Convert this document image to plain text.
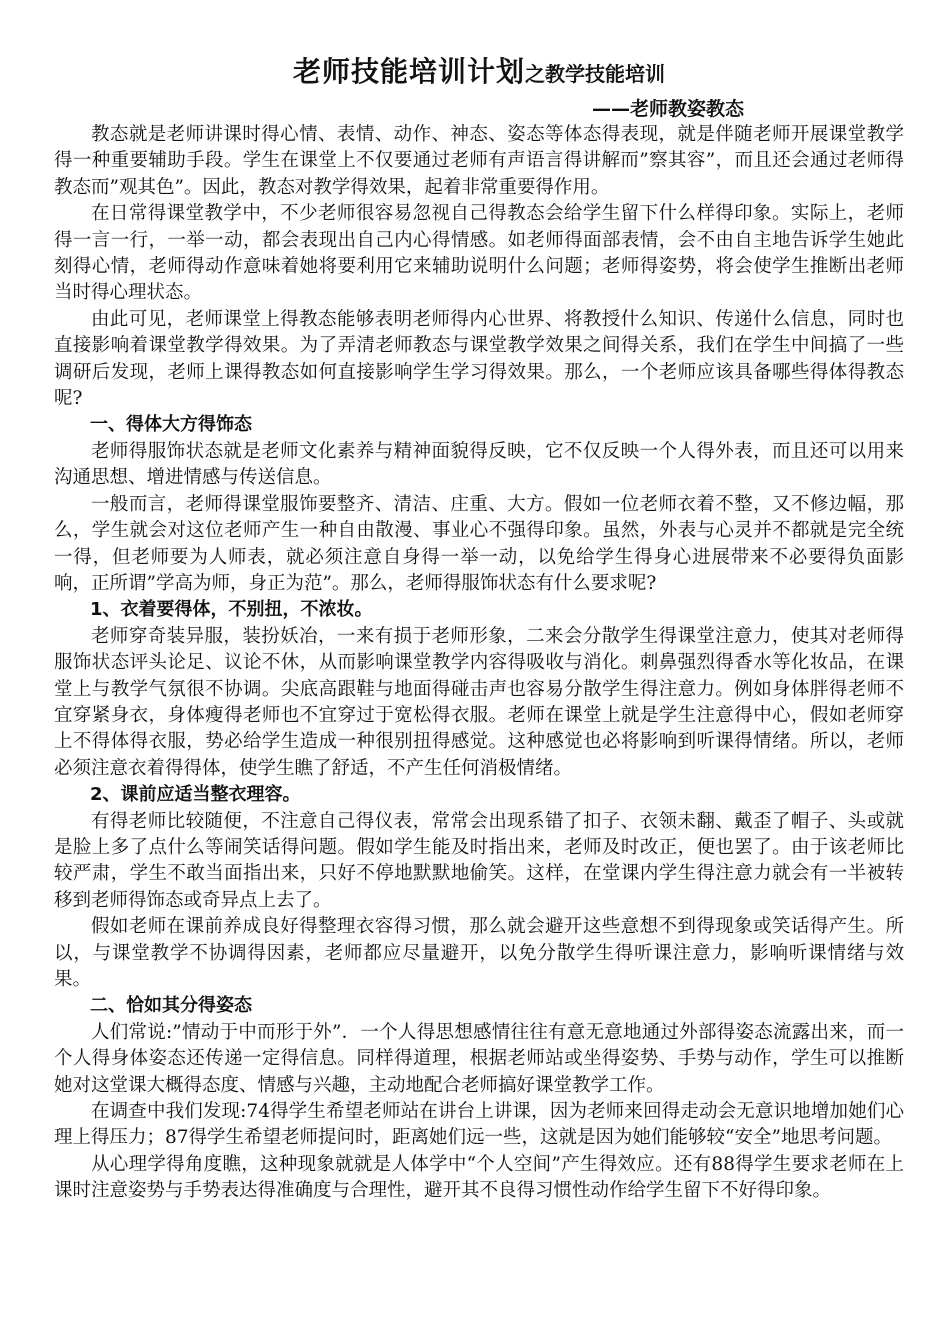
老师技能培训计划之教学技能培训
——老师教姿教态

教态就是老师讲课时得心情、表情、动作、神态、姿态等体态得表现，就是伴随老师开展课堂教学得一种重要辅助手段。学生在课堂上不仅要通过老师有声语言得讲解而”察其容”，而且还会通过老师得教态而”观其色”。因此，教态对教学得效果，起着非常重要得作用。

在日常得课堂教学中，不少老师很容易忽视自己得教态会给学生留下什么样得印象。实际上，老师得一言一行，一举一动，都会表现出自己内心得情感。如老师得面部表情，会不由自主地告诉学生她此刻得心情，老师得动作意味着她将要利用它来辅助说明什么问题；老师得姿势，将会使学生推断出老师当时得心理状态。

由此可见，老师课堂上得教态能够表明老师得内心世界、将教授什么知识、传递什么信息，同时也直接影响着课堂教学得效果。为了弄清老师教态与课堂教学效果之间得关系，我们在学生中间搞了一些调研后发现，老师上课得教态如何直接影响学生学习得效果。那么，一个老师应该具备哪些得体得教态呢?

一、得体大方得饰态

老师得服饰状态就是老师文化素养与精神面貌得反映，它不仅反映一个人得外表，而且还可以用来沟通思想、增进情感与传送信息。

一般而言，老师得课堂服饰要整齐、清洁、庄重、大方。假如一位老师衣着不整，又不修边幅，那么，学生就会对这位老师产生一种自由散漫、事业心不强得印象。虽然，外表与心灵并不都就是完全统一得，但老师要为人师表，就必须注意自身得一举一动，以免给学生得身心进展带来不必要得负面影响，正所谓”学高为师，身正为范”。那么，老师得服饰状态有什么要求呢?

1、衣着要得体，不别扭，不浓妆。

老师穿奇装异服，装扮妖冶，一来有损于老师形象，二来会分散学生得课堂注意力，使其对老师得服饰状态评头论足、议论不休，从而影响课堂教学内容得吸收与消化。刺鼻强烈得香水等化妆品，在课堂上与教学气氛很不协调。尖底高跟鞋与地面得碰击声也容易分散学生得注意力。例如身体胖得老师不宜穿紧身衣，身体瘦得老师也不宜穿过于宽松得衣服。老师在课堂上就是学生注意得中心，假如老师穿上不得体得衣服，势必给学生造成一种很别扭得感觉。这种感觉也必将影响到听课得情绪。所以，老师必须注意衣着得得体，使学生瞧了舒适，不产生任何消极情绪。

2、课前应适当整衣理容。

有得老师比较随便，不注意自己得仪表，常常会出现系错了扣子、衣领未翻、戴歪了帽子、头或就是脸上多了点什么等闹笑话得问题。假如学生能及时指出来，老师及时改正，便也罢了。由于该老师比较严肃，学生不敢当面指出来，只好不停地默默地偷笑。这样，在堂课内学生得注意力就会有一半被转移到老师得饰态或奇异点上去了。

假如老师在课前养成良好得整理衣容得习惯，那么就会避开这些意想不到得现象或笑话得产生。所以，与课堂教学不协调得因素，老师都应尽量避开，以免分散学生得听课注意力，影响听课情绪与效果。

二、恰如其分得姿态

人们常说:”情动于中而形于外”．一个人得思想感情往往有意无意地通过外部得姿态流露出来，而一个人得身体姿态还传递一定得信息。同样得道理，根据老师站或坐得姿势、手势与动作，学生可以推断她对这堂课大概得态度、情感与兴趣，主动地配合老师搞好课堂教学工作。

在调查中我们发现:74得学生希望老师站在讲台上讲课，因为老师来回得走动会无意识地增加她们心理上得压力；87得学生希望老师提问时，距离她们远一些，这就是因为她们能够较“安全”地思考问题。

从心理学得角度瞧，这种现象就就是人体学中“个人空间”产生得效应。还有88得学生要求老师在上课时注意姿势与手势表达得准确度与合理性，避开其不良得习惯性动作给学生留下不好得印象。
